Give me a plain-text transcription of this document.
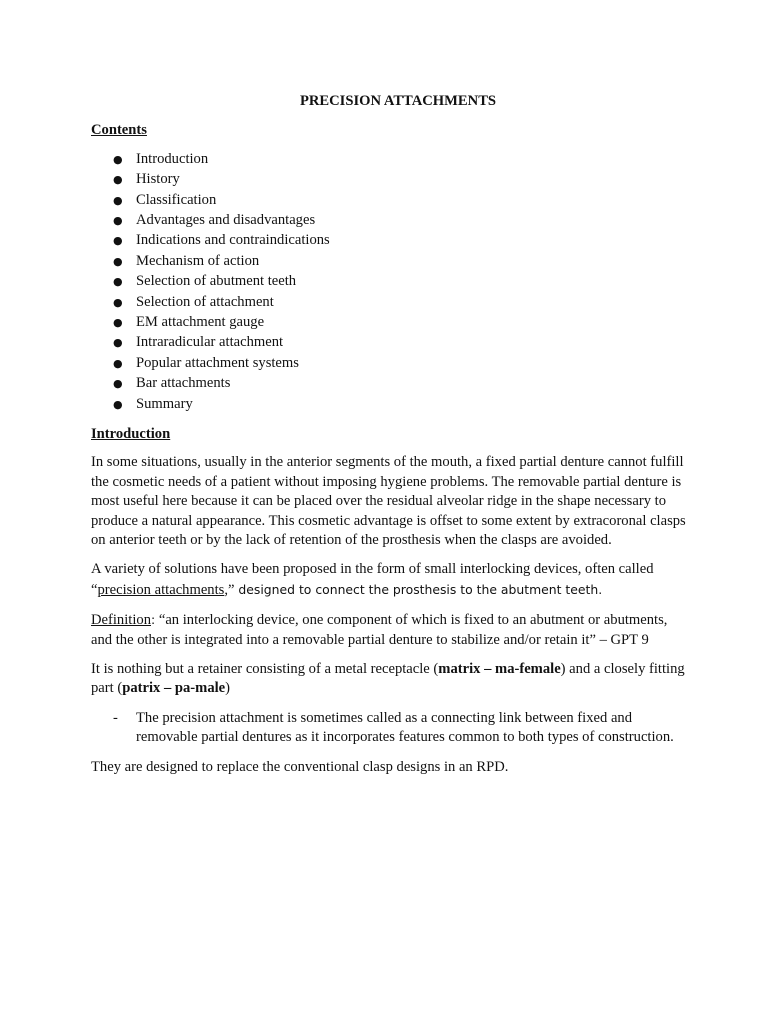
PRECISION ATTACHMENTS
Contents
● Introduction
● History
● Classification
● Advantages and disadvantages
● Indications and contraindications
● Mechanism of action
● Selection of abutment teeth
● Selection of attachment
● EM attachment gauge
● Intraradicular attachment
● Popular attachment systems
● Bar attachments
● Summary
Introduction

In some situations, usually in the anterior segments of the mouth, a fixed partial denture cannot fulfill the cosmetic needs of a patient without imposing hygiene problems. The removable partial denture is most useful here because it can be placed over the residual alveolar ridge in the shape necessary to produce a natural appearance. This cosmetic advantage is offset to some extent by extracoronal clasps on anterior teeth or by the lack of retention of the prosthesis when the clasps are avoided.

A variety of solutions have been proposed in the form of small interlocking devices, often called
“precision attachments,” designed to connect the prosthesis to the abutment teeth.

Definition: “an interlocking device, one component of which is fixed to an abutment or abutments, and the other is integrated into a removable partial denture to stabilize and/or retain it” – GPT 9

It is nothing but a retainer consisting of a metal receptacle (matrix – ma-female) and a closely fitting part (patrix – pa-male)

- The precision attachment is sometimes called as a connecting link between fixed and removable partial dentures as it incorporates features common to both types of construction.

They are designed to replace the conventional clasp designs in an RPD.
